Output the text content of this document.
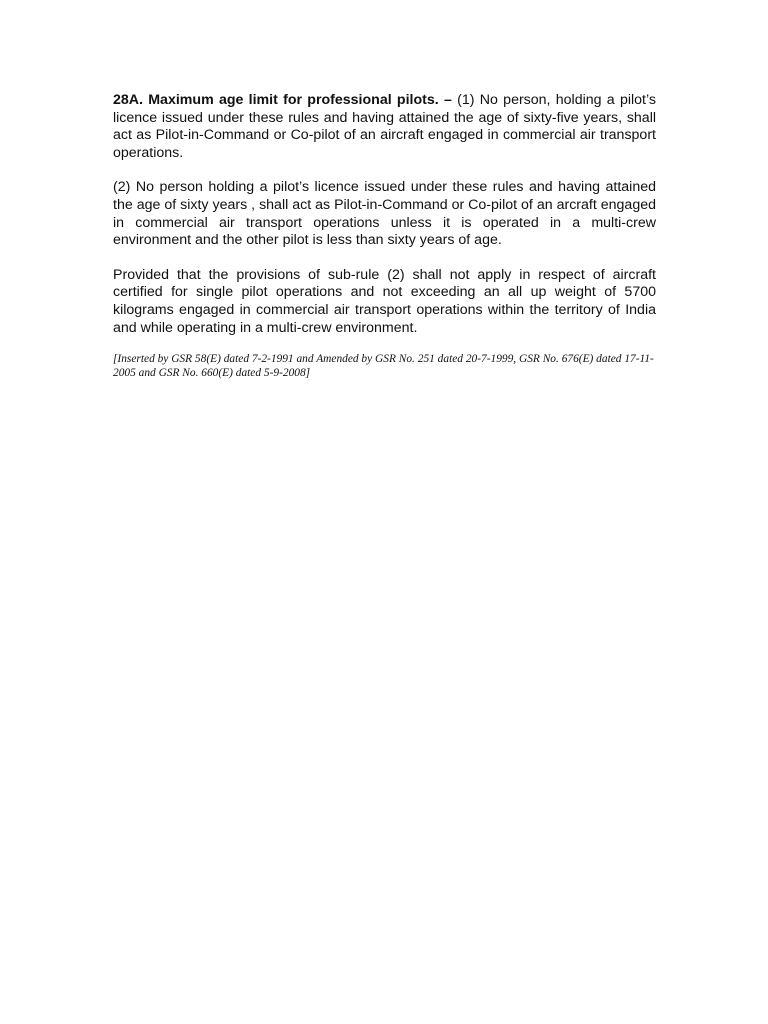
28A. Maximum age limit for professional pilots. – (1) No person, holding a pilot’s licence issued under these rules and having attained the age of sixty-five years, shall act as Pilot-in-Command or Co-pilot of an aircraft engaged in commercial air transport operations.

(2) No person holding a pilot’s licence issued under these rules and having attained the age of sixty years , shall act as Pilot-in-Command or Co-pilot of an arcraft engaged in commercial air transport operations unless it is operated in a multi-crew environment and the other pilot is less than sixty years of age.

Provided that the provisions of sub-rule (2) shall not apply in respect of aircraft certified for single pilot operations and not exceeding an all up weight of 5700 kilograms engaged in commercial air transport operations within the territory of India and while operating in a multi-crew environment.

[Inserted by GSR 58(E) dated 7-2-1991 and Amended by GSR No. 251 dated 20-7-1999, GSR No. 676(E) dated 17-11-2005 and GSR No. 660(E) dated 5-9-2008]
